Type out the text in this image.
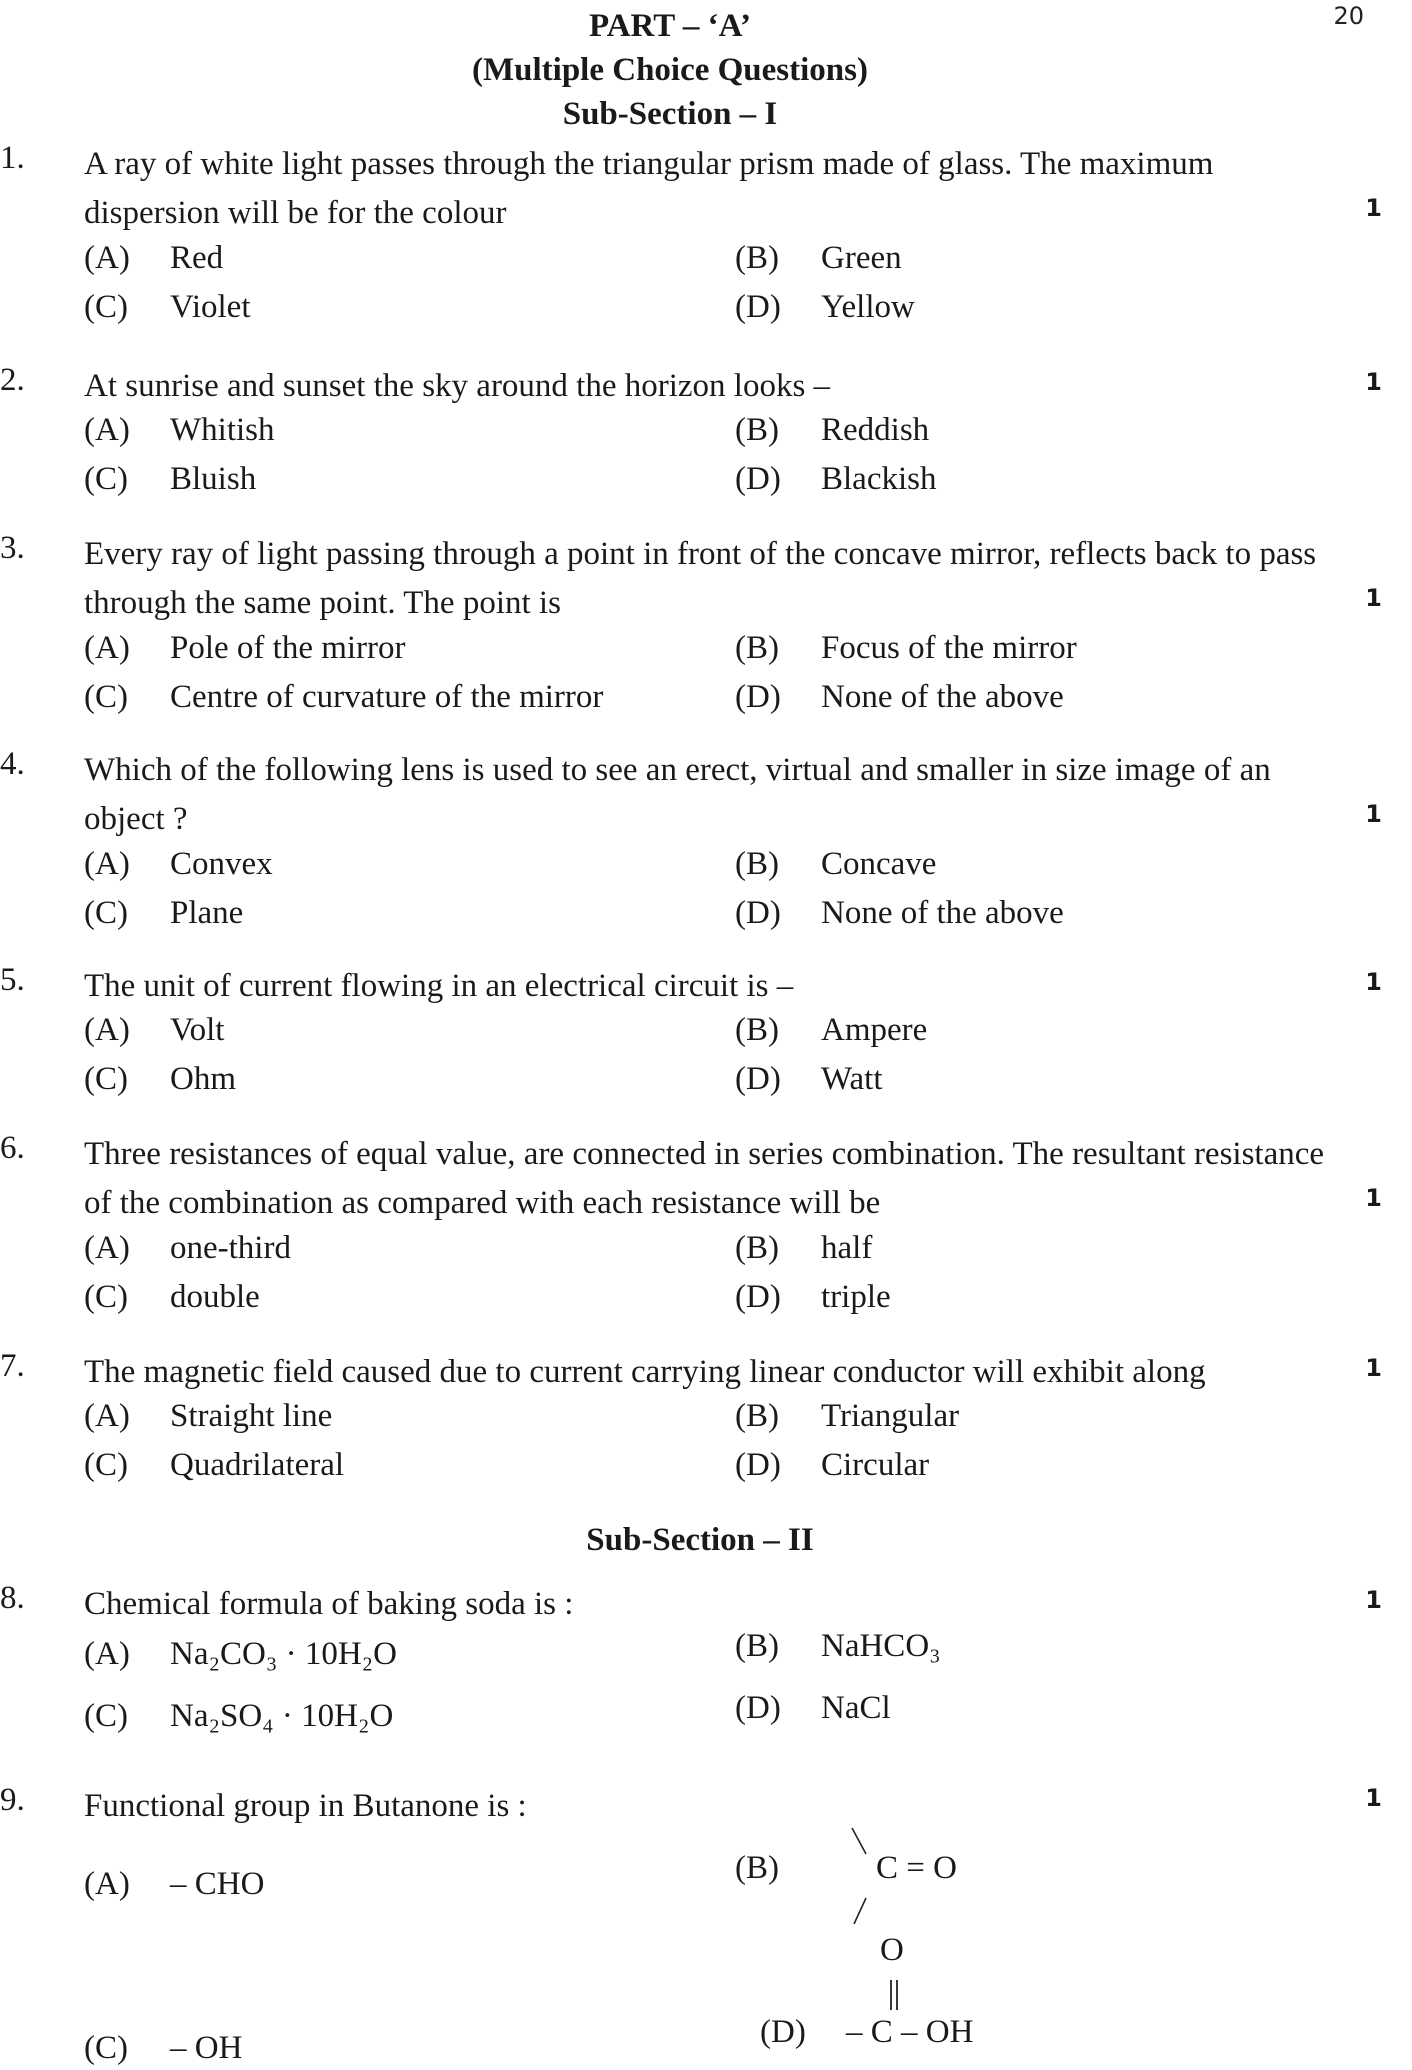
20
PART – ‘A’
(Multiple Choice Questions)
Sub-Section – I
1. A ray of white light passes through the triangular prism made of glass. The maximum dispersion will be for the colour	1
(A) Red	(B) Green
(C) Violet	(D) Yellow
2. At sunrise and sunset the sky around the horizon looks –	1
(A) Whitish	(B) Reddish
(C) Bluish	(D) Blackish
3. Every ray of light passing through a point in front of the concave mirror, reflects back to pass through the same point. The point is	1
(A) Pole of the mirror	(B) Focus of the mirror
(C) Centre of curvature of the mirror	(D) None of the above
4. Which of the following lens is used to see an erect, virtual and smaller in size image of an object ?	1
(A) Convex	(B) Concave
(C) Plane	(D) None of the above
5. The unit of current flowing in an electrical circuit is –	1
(A) Volt	(B) Ampere
(C) Ohm	(D) Watt
6. Three resistances of equal value, are connected in series combination. The resultant resistance of the combination as compared with each resistance will be	1
(A) one-third	(B) half
(C) double	(D) triple
7. The magnetic field caused due to current carrying linear conductor will exhibit along	1
(A) Straight line	(B) Triangular
(C) Quadrilateral	(D) Circular
Sub-Section – II
8. Chemical formula of baking soda is :	1
(A) Na₂CO₃ · 10H₂O	(B) NaHCO₃
(C) Na₂SO₄ · 10H₂O	(D) NaCl
9. Functional group in Butanone is :	1
(A) – CHO	(B)	C = O
O
(D) – C – OH
(C) – OH
